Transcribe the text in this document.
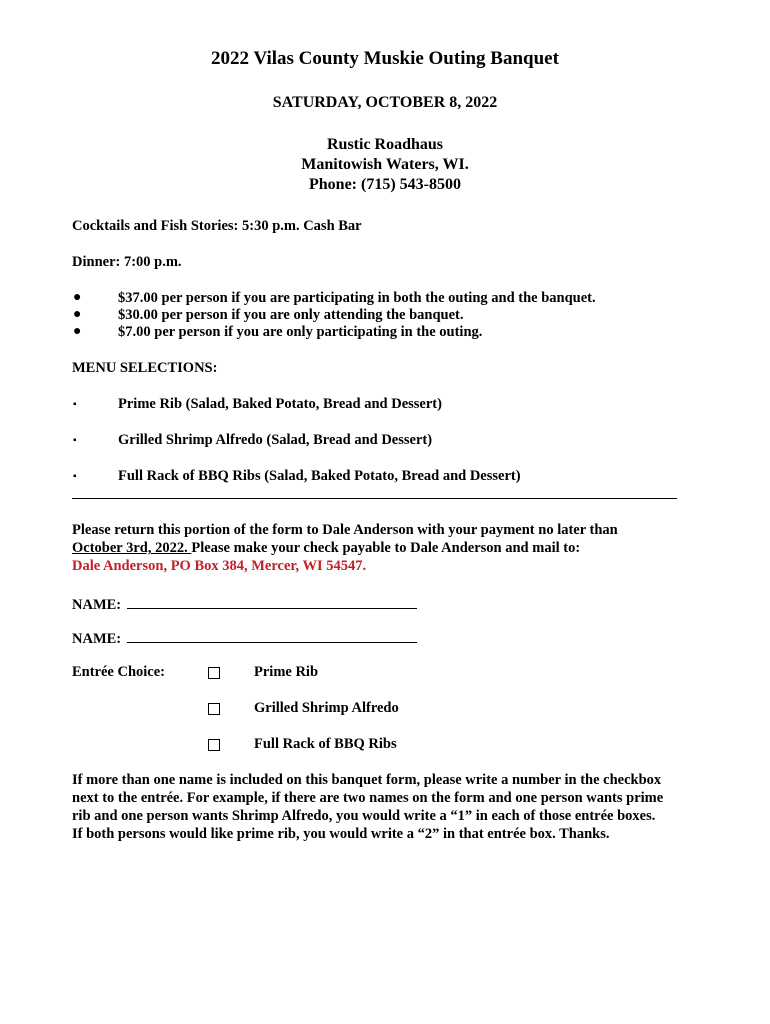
2022 Vilas County Muskie Outing Banquet
SATURDAY, OCTOBER 8, 2022
Rustic Roadhaus
Manitowish Waters, WI.
Phone: (715) 543-8500
Cocktails and Fish Stories: 5:30 p.m. Cash Bar
Dinner: 7:00 p.m.
●	$37.00 per person if you are participating in both the outing and the banquet.
●	$30.00 per person if you are only attending the banquet.
●	$7.00 per person if you are only participating in the outing.
MENU SELECTIONS:
▪	Prime Rib (Salad, Baked Potato, Bread and Dessert)
▪	Grilled Shrimp Alfredo (Salad, Bread and Dessert)
▪	Full Rack of BBQ Ribs (Salad, Baked Potato, Bread and Dessert)
Please return this portion of the form to Dale Anderson with your payment no later than
October 3rd, 2022. Please make your check payable to Dale Anderson and mail to:
Dale Anderson, PO Box 384, Mercer, WI 54547.
NAME:
NAME:
Entrée Choice:	Prime Rib
Grilled Shrimp Alfredo
Full Rack of BBQ Ribs
If more than one name is included on this banquet form, please write a number in the checkbox
next to the entrée. For example, if there are two names on the form and one person wants prime
rib and one person wants Shrimp Alfredo, you would write a “1” in each of those entrée boxes.
If both persons would like prime rib, you would write a “2” in that entrée box. Thanks.
